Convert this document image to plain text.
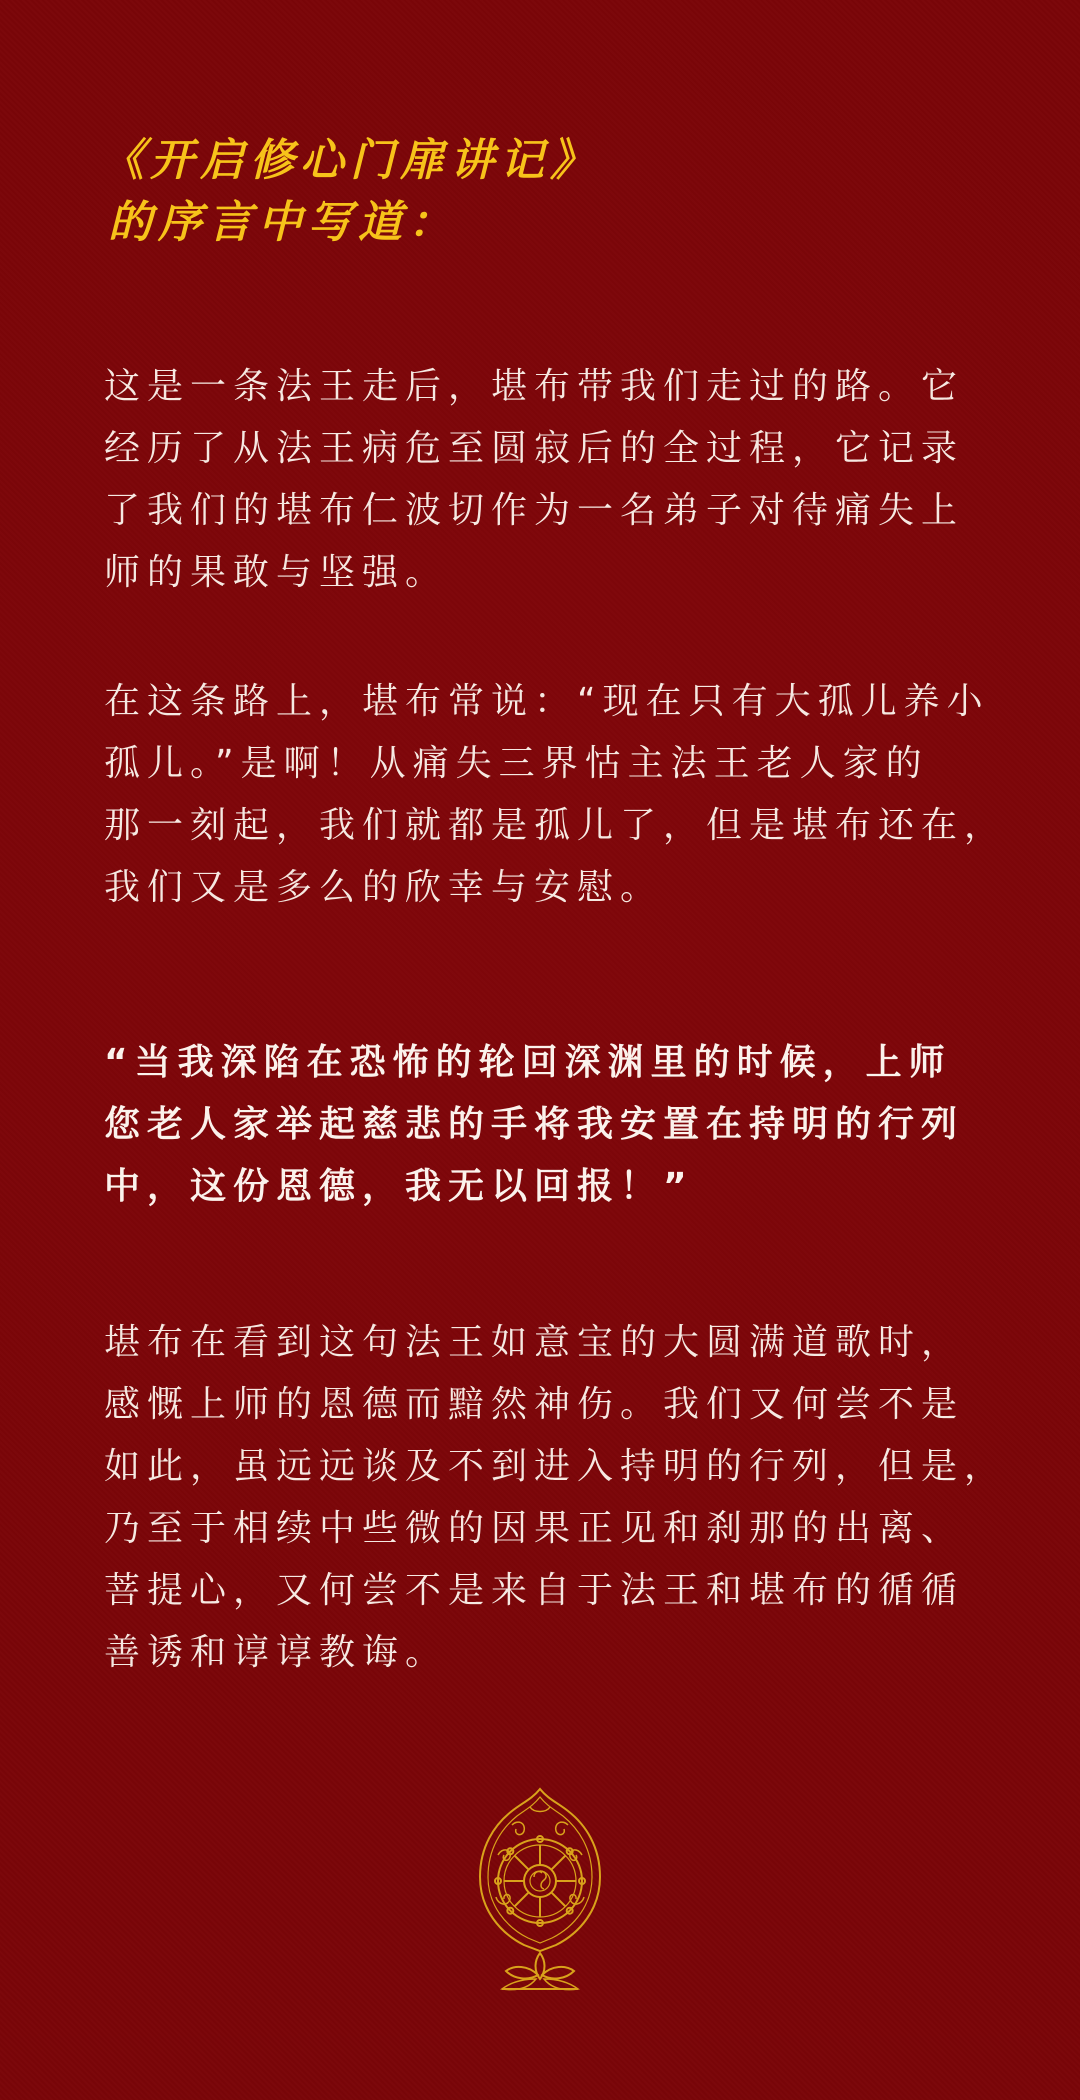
《开启修心门扉讲记》
的序言中写道：

这是一条法王走后，堪布带我们走过的路。它
经历了从法王病危至圆寂后的全过程，它记录
了我们的堪布仁波切作为一名弟子对待痛失上
师的果敢与坚强。

在这条路上，堪布常说：“现在只有大孤儿养小
孤儿。”是啊！从痛失三界怙主法王老人家的
那一刻起，我们就都是孤儿了，但是堪布还在，
我们又是多么的欣幸与安慰。

“当我深陷在恐怖的轮回深渊里的时候，上师
您老人家举起慈悲的手将我安置在持明的行列
中，这份恩德，我无以回报！”

堪布在看到这句法王如意宝的大圆满道歌时，
感慨上师的恩德而黯然神伤。我们又何尝不是
如此，虽远远谈及不到进入持明的行列，但是，
乃至于相续中些微的因果正见和刹那的出离、
菩提心，又何尝不是来自于法王和堪布的循循
善诱和谆谆教诲。
